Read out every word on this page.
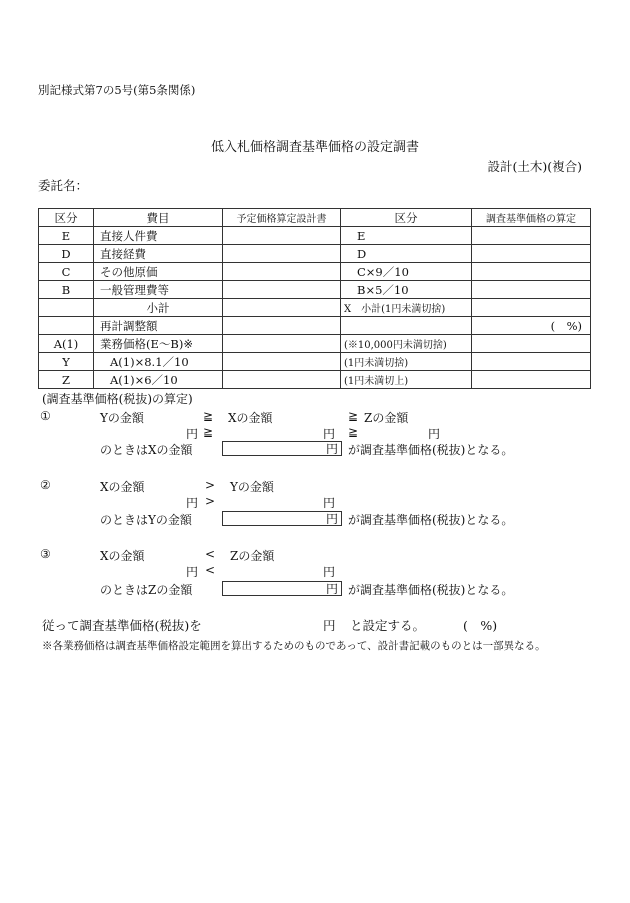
別記様式第7の5号(第5条関係)
低入札価格調査基準価格の設定調書
設計(土木)(複合)
委託名：
区分	費目	予定価格算定設計書	区分	調査基準価格の算定
E	直接人件費		E	
D	直接経費		D	
C	その他原価		C×9／10	
B	一般管理費等		B×5／10	
	小計		X　小計(1円未満切捨)	
	再計調整額			(　%)
A(1)	業務価格(E〜B)※		(※10,000円未満切捨)	
Y	A(1)×8.1／10		(1円未満切捨)	
Z	A(1)×6／10		(1円未満切上)	
(調査基準価格(税抜)の算定)
①	Yの金額	≧ Xの金額	≧ Zの金額
円 ≧	円 ≧	円
のときはXの金額	円 が調査基準価格(税抜)となる。
②	Xの金額	> Yの金額
円 >	円
のときはYの金額	円 が調査基準価格(税抜)となる。
③	Xの金額	< Zの金額
円 <	円
のときはZの金額	円 が調査基準価格(税抜)となる。
従って調査基準価格(税抜)を	円 と設定する。	(　%)
※各業務価格は調査基準価格設定範囲を算出するためのものであって、設計書記載のものとは一部異なる。
